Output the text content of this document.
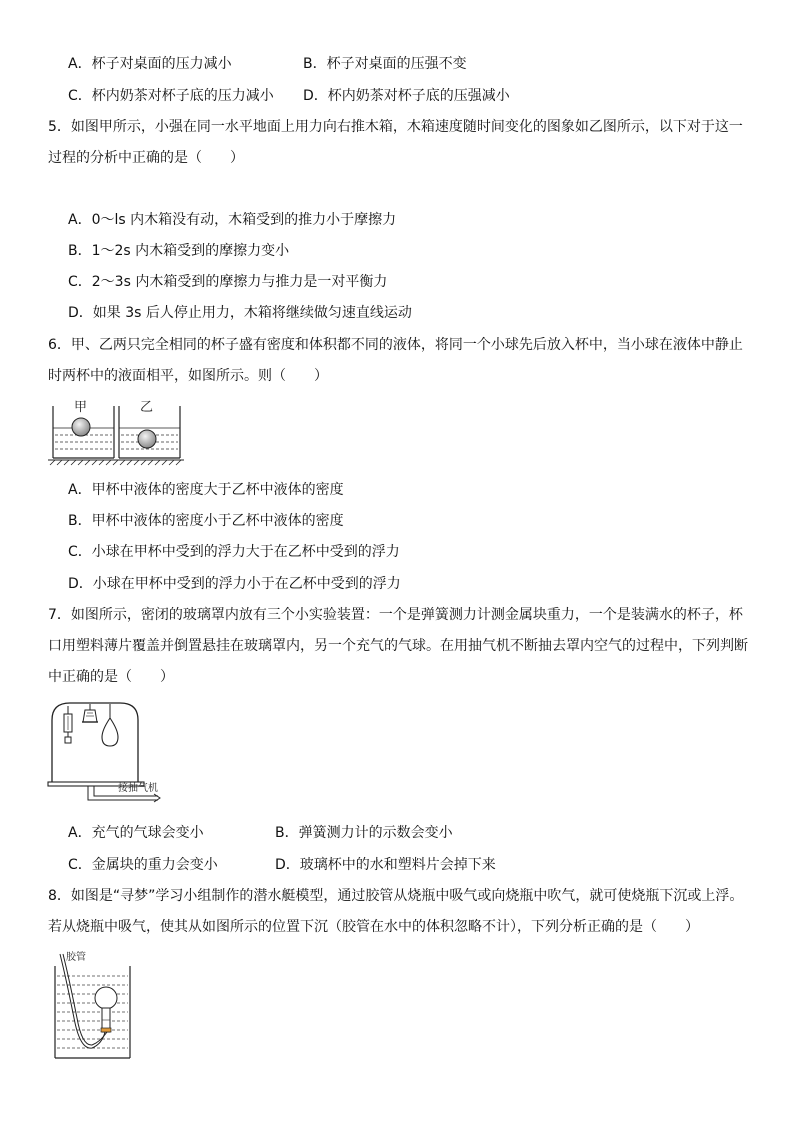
A．杯子对桌面的压力减小	B．杯子对桌面的压强不变
C．杯内奶茶对杯子底的压力减小 D．杯内奶茶对杯子底的压强减小
5．如图甲所示，小强在同一水平地面上用力向右推木箱，木箱速度随时间变化的图象如乙图所示，以下对于这一
过程的分析中正确的是（　　）
A．0～ls 内木箱没有动，木箱受到的推力小于摩擦力
B．1～2s 内木箱受到的摩擦力变小
C．2～3s 内木箱受到的摩擦力与推力是一对平衡力
D．如果 3s 后人停止用力，木箱将继续做匀速直线运动
6．甲、乙两只完全相同的杯子盛有密度和体积都不同的液体，将同一个小球先后放入杯中，当小球在液体中静止
时两杯中的液面相平，如图所示。则（　　）
甲	乙
A．甲杯中液体的密度大于乙杯中液体的密度
B．甲杯中液体的密度小于乙杯中液体的密度
C．小球在甲杯中受到的浮力大于在乙杯中受到的浮力
D．小球在甲杯中受到的浮力小于在乙杯中受到的浮力
7．如图所示，密闭的玻璃罩内放有三个小实验装置：一个是弹簧测力计测金属块重力，一个是装满水的杯子，杯
口用塑料薄片覆盖并倒置悬挂在玻璃罩内，另一个充气的气球。在用抽气机不断抽去罩内空气的过程中，下列判断
中正确的是（　　）
接抽气机
A．充气的气球会变小	B．弹簧测力计的示数会变小
C．金属块的重力会变小	D．玻璃杯中的水和塑料片会掉下来
8．如图是“寻梦”学习小组制作的潜水艇模型，通过胶管从烧瓶中吸气或向烧瓶中吹气，就可使烧瓶下沉或上浮。
若从烧瓶中吸气，使其从如图所示的位置下沉（胶管在水中的体积忽略不计），下列分析正确的是（　　）
胶管
